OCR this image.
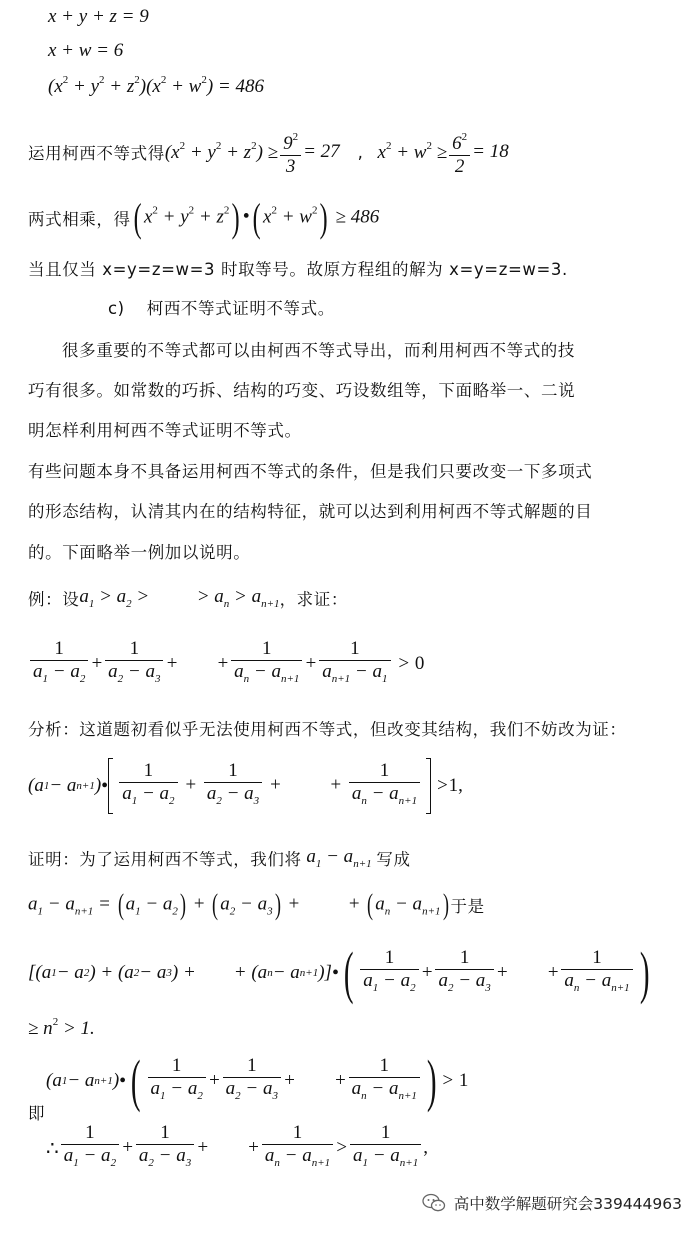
x + y + z = 9
x + w = 6
$(x^2 + y^2 + z^2)(x^2 + w^2) = 486$
运用柯西不等式得 $(x^2 + y^2 + z^2) \ge \frac{9^2}{3} = 27$ , $x^2 + w^2 \ge \frac{6^2}{2} = 18$
两式相乘，得 ( $x^2 + y^2 + z^2$) •( $x^2 + w^2) \ge 486$
当且仅当 x=y=z=w=3 时取等号。故原方程组的解为 x=y=z=w=3.
c) 柯西不等式证明不等式。
很多重要的不等式都可以由柯西不等式导出，而利用柯西不等式的技
巧有很多。如常数的巧拆、结构的巧变、巧设数组等，下面略举一、二说
明怎样利用柯西不等式证明不等式。
有些问题本身不具备运用柯西不等式的条件，但是我们只要改变一下多项式
的形态结构，认清其内在的结构特征，就可以达到利用柯西不等式解题的目
的。下面略举一例加以说明。
例：设 $a_1 > a_2$ >  > $a_n > a_{n+1}$ ，求证：
$\frac{1}{a_1 - a_2} + \frac{1}{a_2 - a_3}$ +
+ $\frac{1}{a_n - a_{n+1}} + \frac{1}{a_{n+1} - a_1} > 0$
分析：这道题初看似乎无法使用柯西不等式，但改变其结构，我们不妨改为证：
(a 1 − a n+1 ) • $\frac{1}{a_1 - a_2} + \frac{1}{a_2 - a_3}$ +  + $\frac{1}{a_n - a_{n+1}} > 1$,
证明：为了运用柯西不等式，我们将 $a_1 - a_{n+1}$ 写成
$a_1 - a_{n+1}$ = ( $a_1 - a_2$) + ( $a_2 - a_3$) +  + ( $a_n - a_{n+1}$) 于是
[(a 1 − a 2 ) + (a 2 − a 3 ) +
+ (a n − a n+1 )] • ( $\frac{1}{a_1 - a_2} + \frac{1}{a_2 - a_3}$ +
+ $\frac{1}{a_n - a_{n+1}}$ )
≥ $n^2 > 1$.
(a 1 − a n+1 ) • ( $\frac{1}{a_1 - a_2} + \frac{1}{a_2 - a_3}$ +
+ $\frac{1}{a_n - a_{n+1}}$ ) > 1
即
∴ $\frac{1}{a_1 - a_2} + \frac{1}{a_2 - a_3}$ +
+ $\frac{1}{a_n - a_{n+1}} > \frac{1}{a_1 - a_{n+1}}$ ,
高中数学解题研究会339444963
